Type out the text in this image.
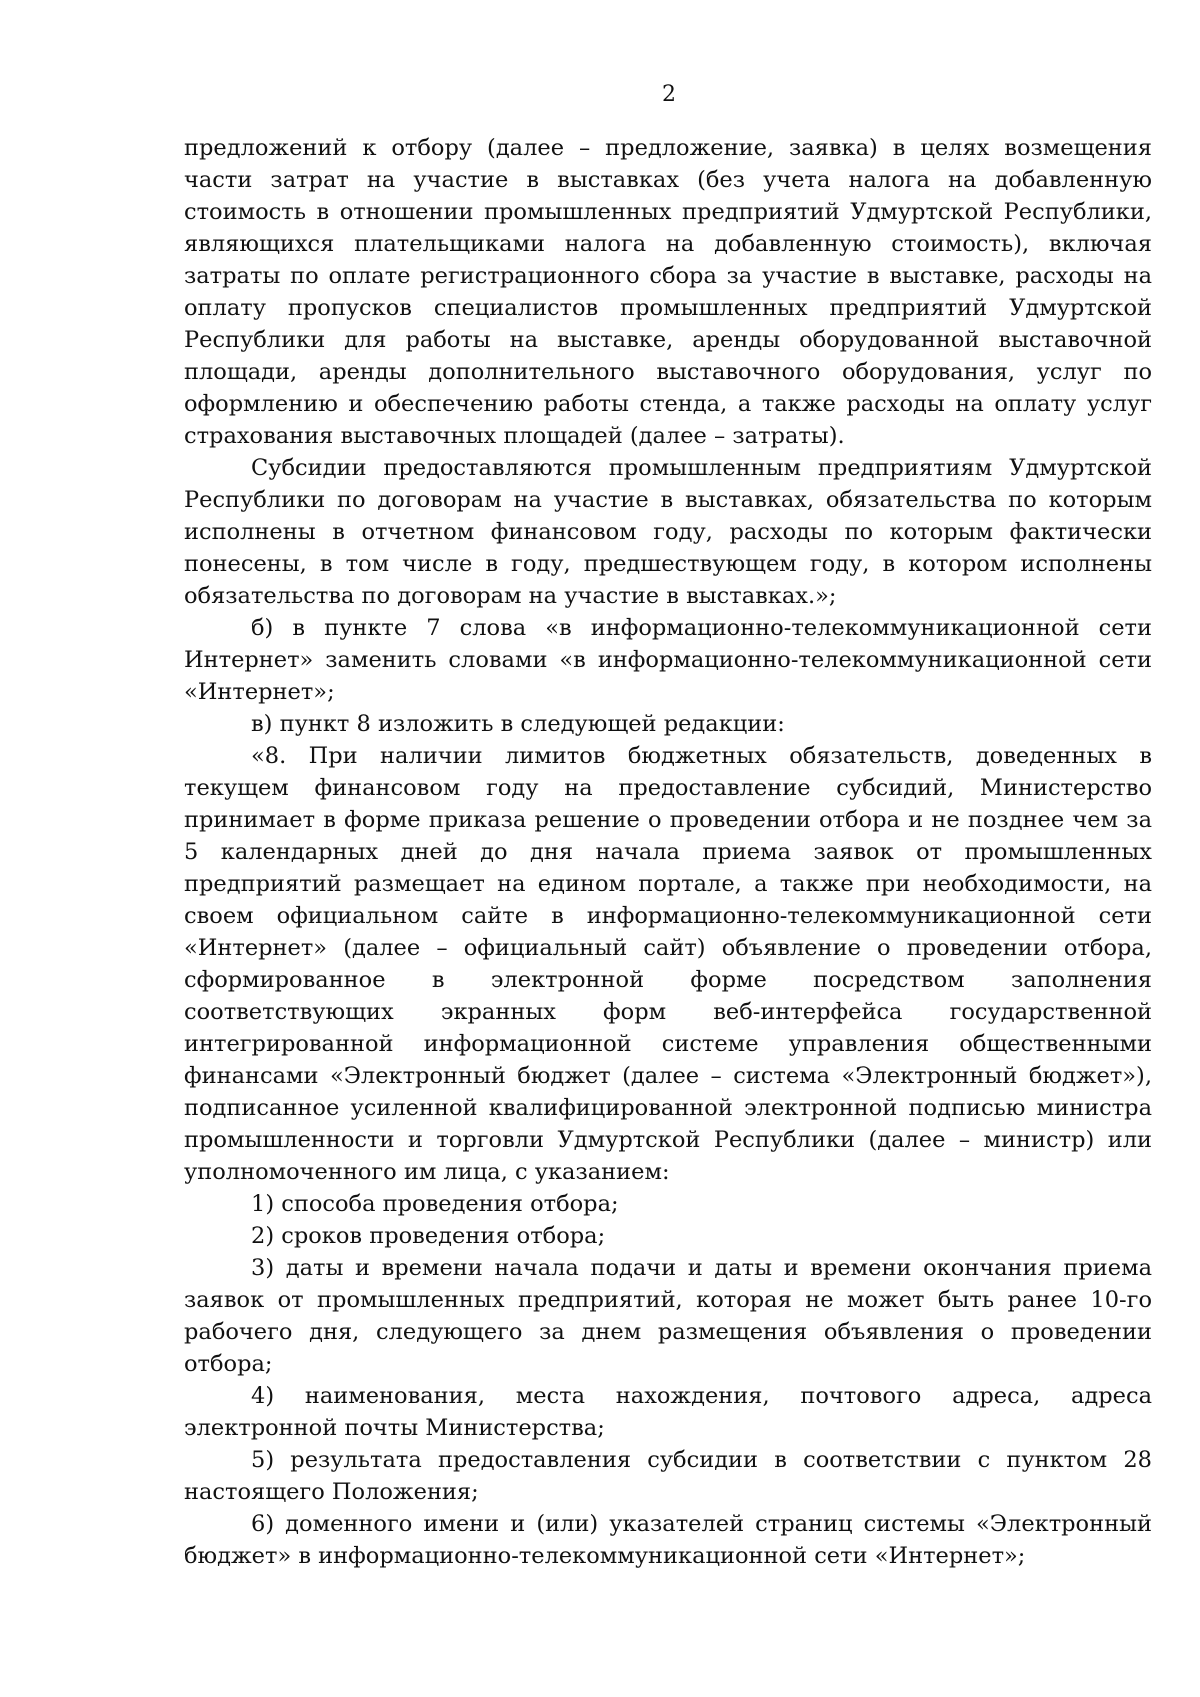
2

предложений к отбору (далее – предложение, заявка) в целях возмещения части затрат на участие в выставках (без учета налога на добавленную стоимость в отношении промышленных предприятий Удмуртской Республики, являющихся плательщиками налога на добавленную стоимость), включая затраты по оплате регистрационного сбора за участие в выставке, расходы на оплату пропусков специалистов промышленных предприятий Удмуртской Республики для работы на выставке, аренды оборудованной выставочной площади, аренды дополнительного выставочного оборудования, услуг по оформлению и обеспечению работы стенда, а также расходы на оплату услуг страхования выставочных площадей (далее – затраты).

Субсидии предоставляются промышленным предприятиям Удмуртской Республики по договорам на участие в выставках, обязательства по которым исполнены в отчетном финансовом году, расходы по которым фактически понесены, в том числе в году, предшествующем году, в котором исполнены обязательства по договорам на участие в выставках.»;

б) в пункте 7 слова «в информационно-телекоммуникационной сети Интернет» заменить словами «в информационно-телекоммуникационной сети «Интернет»;

в) пункт 8 изложить в следующей редакции:

«8. При наличии лимитов бюджетных обязательств, доведенных в текущем финансовом году на предоставление субсидий, Министерство принимает в форме приказа решение о проведении отбора и не позднее чем за 5 календарных дней до дня начала приема заявок от промышленных предприятий размещает на едином портале, а также при необходимости, на своем официальном сайте в информационно-телекоммуникационной сети «Интернет» (далее – официальный сайт) объявление о проведении отбора, сформированное в электронной форме посредством заполнения соответствующих экранных форм веб-интерфейса государственной интегрированной информационной системе управления общественными финансами «Электронный бюджет (далее – система «Электронный бюджет»), подписанное усиленной квалифицированной электронной подписью министра промышленности и торговли Удмуртской Республики (далее – министр) или уполномоченного им лица, с указанием:

1) способа проведения отбора;

2) сроков проведения отбора;

3) даты и времени начала подачи и даты и времени окончания приема заявок от промышленных предприятий, которая не может быть ранее 10-го рабочего дня, следующего за днем размещения объявления о проведении отбора;

4) наименования, места нахождения, почтового адреса, адреса электронной почты Министерства;

5) результата предоставления субсидии в соответствии с пунктом 28 настоящего Положения;

6) доменного имени и (или) указателей страниц системы «Электронный бюджет» в информационно-телекоммуникационной сети «Интернет»;
